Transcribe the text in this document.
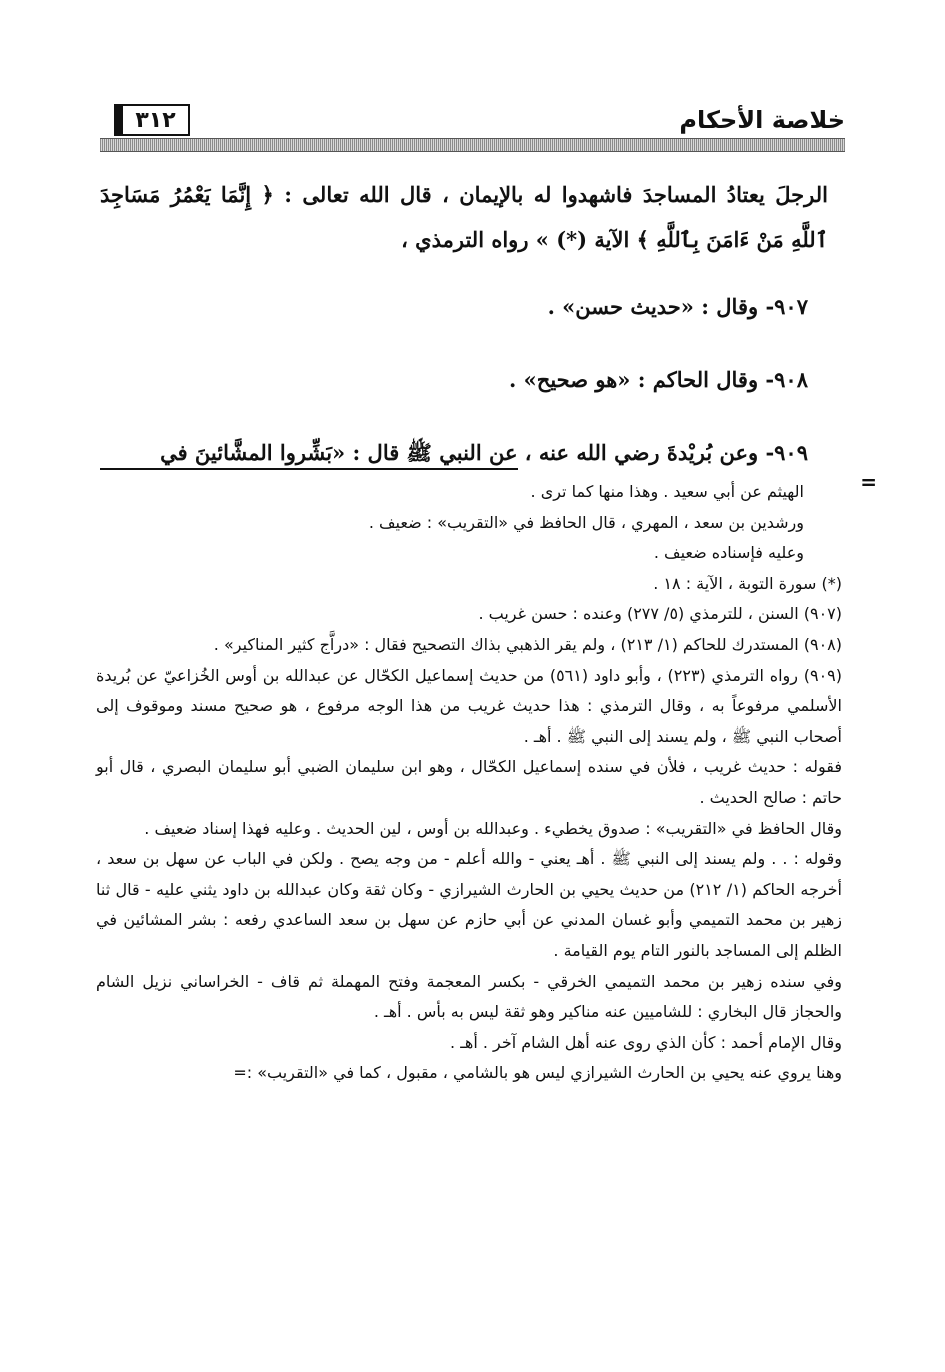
خلاصة الأحكام
٣١٢

الرجلَ يعتادُ المساجدَ فاشهدوا له بالإيمان ، قال الله تعالى : ﴿ إِنَّمَا يَعْمُرُ مَسَاجِدَ ٱللَّهِ مَنْ ءَامَنَ بِٱللَّهِ ﴾ الآية (*) » رواه الترمذي ،

٩٠٧- وقال : «حديث حسن» .

٩٠٨- وقال الحاكم : «هو صحيح» .

٩٠٩- وعن بُريْدةَ رضي الله عنه ، عن النبي ﷺ قال : «بَشِّروا المشَّائينَ في

=

الهيثم عن أبي سعيد . وهذا منها كما ترى .

ورشدين بن سعد ، المهري ، قال الحافظ في «التقريب» : ضعيف .

وعليه فإسناده ضعيف .

(*) سورة التوبة ، الآية : ١٨ .

(٩٠٧) السنن ، للترمذي (٥/ ٢٧٧) وعنده : حسن غريب .

(٩٠٨) المستدرك للحاكم (١/ ٢١٣) ، ولم يقر الذهبي بذاك التصحيح فقال : «دراَّج كثير المناكير» .

(٩٠٩) رواه الترمذي (٢٢٣) ، وأبو داود (٥٦١) من حديث إسماعيل الكحّال عن عبدالله بن أوس الخُزاعيّ عن بُريدة الأسلمي مرفوعاً به ، وقال الترمذي : هذا حديث غريب من هذا الوجه مرفوع ، هو صحيح مسند وموقوف إلى أصحاب النبي ﷺ ، ولم يسند إلى النبي ﷺ . أهـ .

فقوله : حديث غريب ، فلأن في سنده إسماعيل الكحّال ، وهو ابن سليمان الضبي أبو سليمان البصري ، قال أبو حاتم : صالح الحديث .

وقال الحافظ في «التقريب» : صدوق يخطيء . وعبدالله بن أوس ، لين الحديث . وعليه فهذا إسناد ضعيف .

وقوله : . . ولم يسند إلى النبي ﷺ . أهـ يعني - والله أعلم - من وجه يصح . ولكن في الباب عن سهل بن سعد ، أخرجه الحاكم (١/ ٢١٢) من حديث يحيي بن الحارث الشيرازي - وكان ثقة وكان عبدالله بن داود يثني عليه - قال ثنا زهير بن محمد التميمي وأبو غسان المدني عن أبي حازم عن سهل بن سعد الساعدي رفعه : بشر المشائين في الظلم إلى المساجد بالنور التام يوم القيامة .

وفي سنده زهير بن محمد التميمي الخرقي - بكسر المعجمة وفتح المهملة ثم قاف - الخراساني نزيل الشام والحجاز قال البخاري : للشاميين عنه مناكير وهو ثقة ليس به بأس . أهـ .

وقال الإمام أحمد : كأن الذي روى عنه أهل الشام آخر . أهـ .

وهنا يروي عنه يحيي بن الحارث الشيرازي ليس هو بالشامي ، مقبول ، كما في «التقريب» :=
